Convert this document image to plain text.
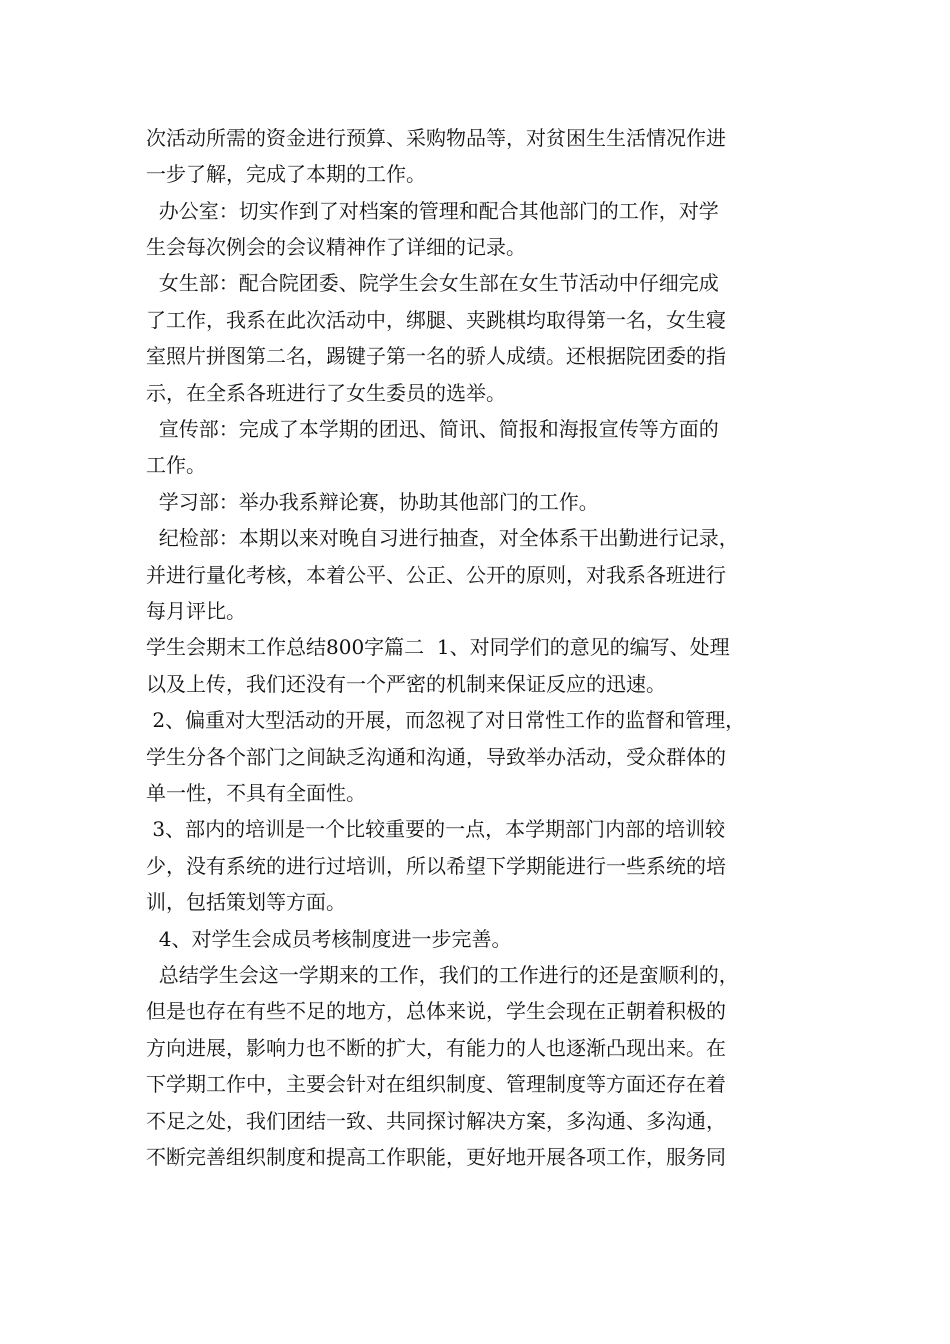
次活动所需的资金进行预算、采购物品等，对贫困生生活情况作进
一步了解，完成了本期的工作。
办公室：切实作到了对档案的管理和配合其他部门的工作，对学
生会每次例会的会议精神作了详细的记录。
女生部：配合院团委、院学生会女生部在女生节活动中仔细完成
了工作，我系在此次活动中，绑腿、夹跳棋均取得第一名，女生寝
室照片拼图第二名，踢键子第一名的骄人成绩。还根据院团委的指
示，在全系各班进行了女生委员的选举。
宣传部：完成了本学期的团迅、简讯、简报和海报宣传等方面的
工作。
学习部：举办我系辩论赛，协助其他部门的工作。
纪检部：本期以来对晚自习进行抽查，对全体系干出勤进行记录，
并进行量化考核，本着公平、公正、公开的原则，对我系各班进行
每月评比。
学生会期末工作总结800字篇二  1、对同学们的意见的编写、处理
以及上传，我们还没有一个严密的机制来保证反应的迅速。
2、偏重对大型活动的开展，而忽视了对日常性工作的监督和管理，
学生分各个部门之间缺乏沟通和沟通，导致举办活动，受众群体的
单一性，不具有全面性。
3、部内的培训是一个比较重要的一点，本学期部门内部的培训较
少，没有系统的进行过培训，所以希望下学期能进行一些系统的培
训，包括策划等方面。
4、对学生会成员考核制度进一步完善。
总结学生会这一学期来的工作，我们的工作进行的还是蛮顺利的，
但是也存在有些不足的地方，总体来说，学生会现在正朝着积极的
方向进展，影响力也不断的扩大，有能力的人也逐渐凸现出来。在
下学期工作中，主要会针对在组织制度、管理制度等方面还存在着
不足之处，我们团结一致、共同探讨解决方案，多沟通、多沟通，
不断完善组织制度和提高工作职能，更好地开展各项工作，服务同
